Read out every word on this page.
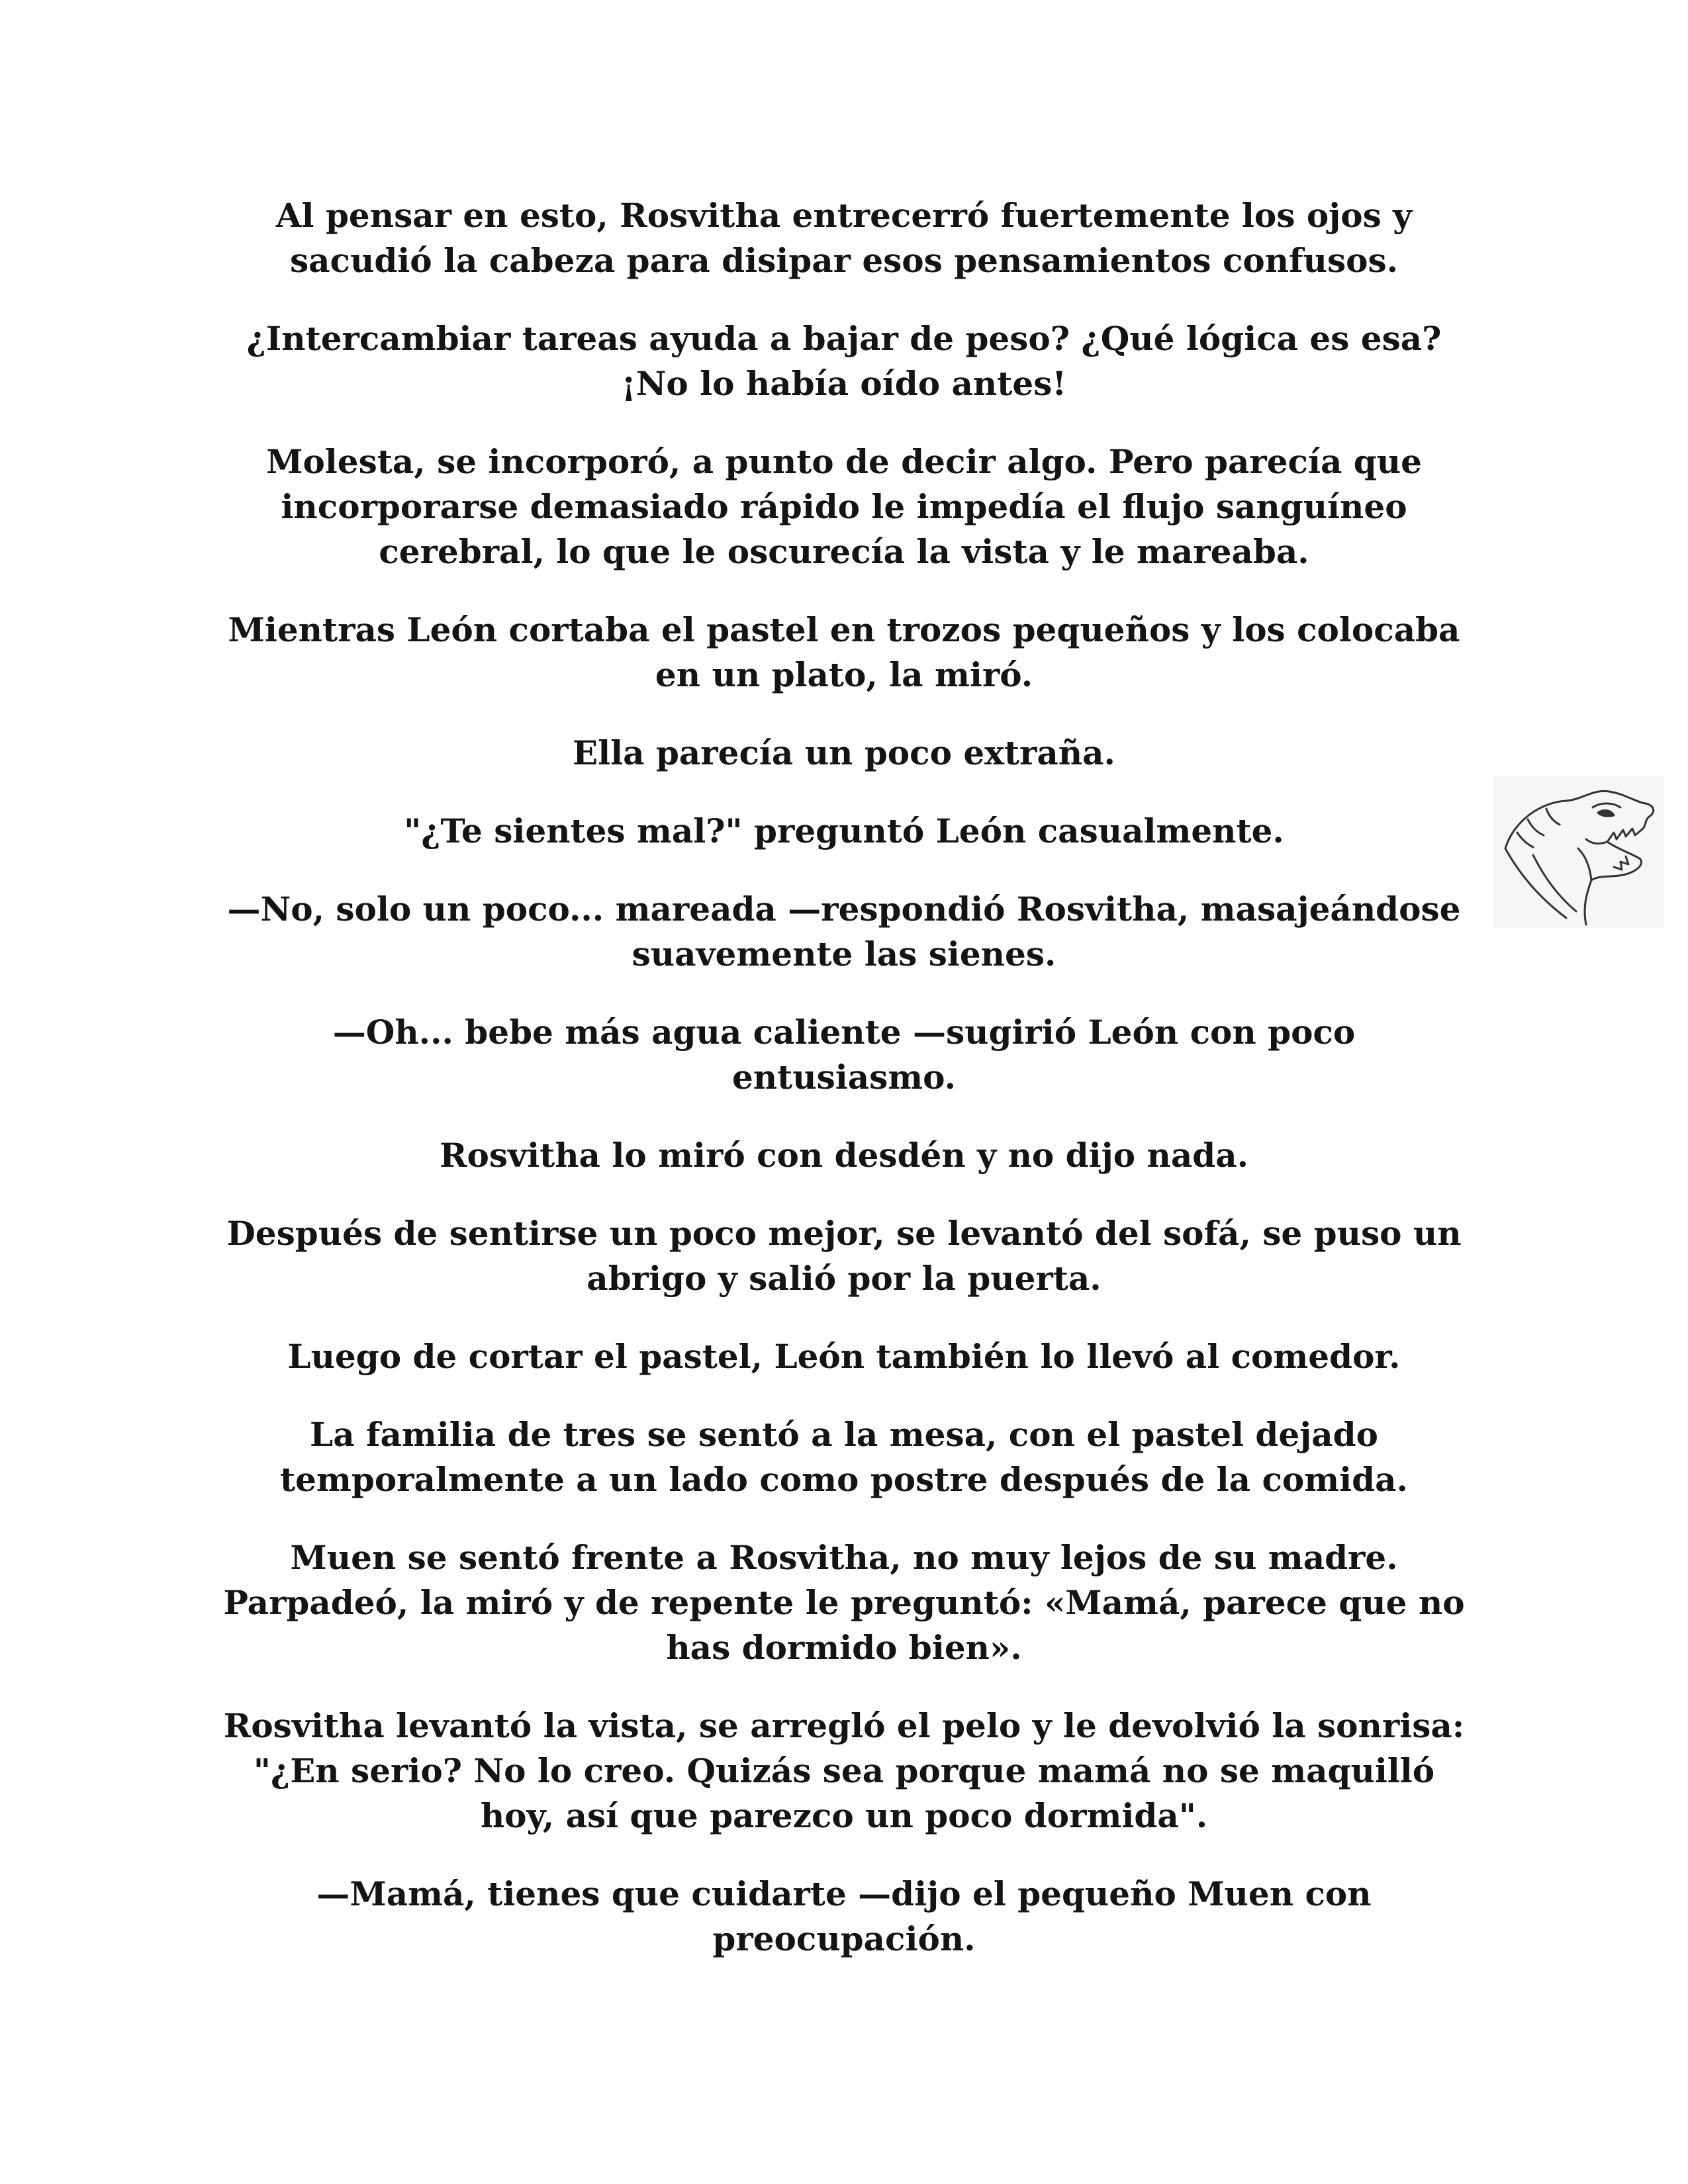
Al pensar en esto, Rosvitha entrecerró fuertemente los ojos y sacudió la cabeza para disipar esos pensamientos confusos.

¿Intercambiar tareas ayuda a bajar de peso? ¿Qué lógica es esa? ¡No lo había oído antes!

Molesta, se incorporó, a punto de decir algo. Pero parecía que incorporarse demasiado rápido le impedía el flujo sanguíneo cerebral, lo que le oscurecía la vista y le mareaba.

Mientras León cortaba el pastel en trozos pequeños y los colocaba en un plato, la miró.

Ella parecía un poco extraña.

"¿Te sientes mal?" preguntó León casualmente.

—No, solo un poco... mareada —respondió Rosvitha, masajeándose suavemente las sienes.

—Oh... bebe más agua caliente —sugirió León con poco entusiasmo.

Rosvitha lo miró con desdén y no dijo nada.

Después de sentirse un poco mejor, se levantó del sofá, se puso un abrigo y salió por la puerta.

Luego de cortar el pastel, León también lo llevó al comedor.

La familia de tres se sentó a la mesa, con el pastel dejado temporalmente a un lado como postre después de la comida.

Muen se sentó frente a Rosvitha, no muy lejos de su madre. Parpadeó, la miró y de repente le preguntó: «Mamá, parece que no has dormido bien».

Rosvitha levantó la vista, se arregló el pelo y le devolvió la sonrisa: "¿En serio? No lo creo. Quizás sea porque mamá no se maquilló hoy, así que parezco un poco dormida".

—Mamá, tienes que cuidarte —dijo el pequeño Muen con preocupación.
